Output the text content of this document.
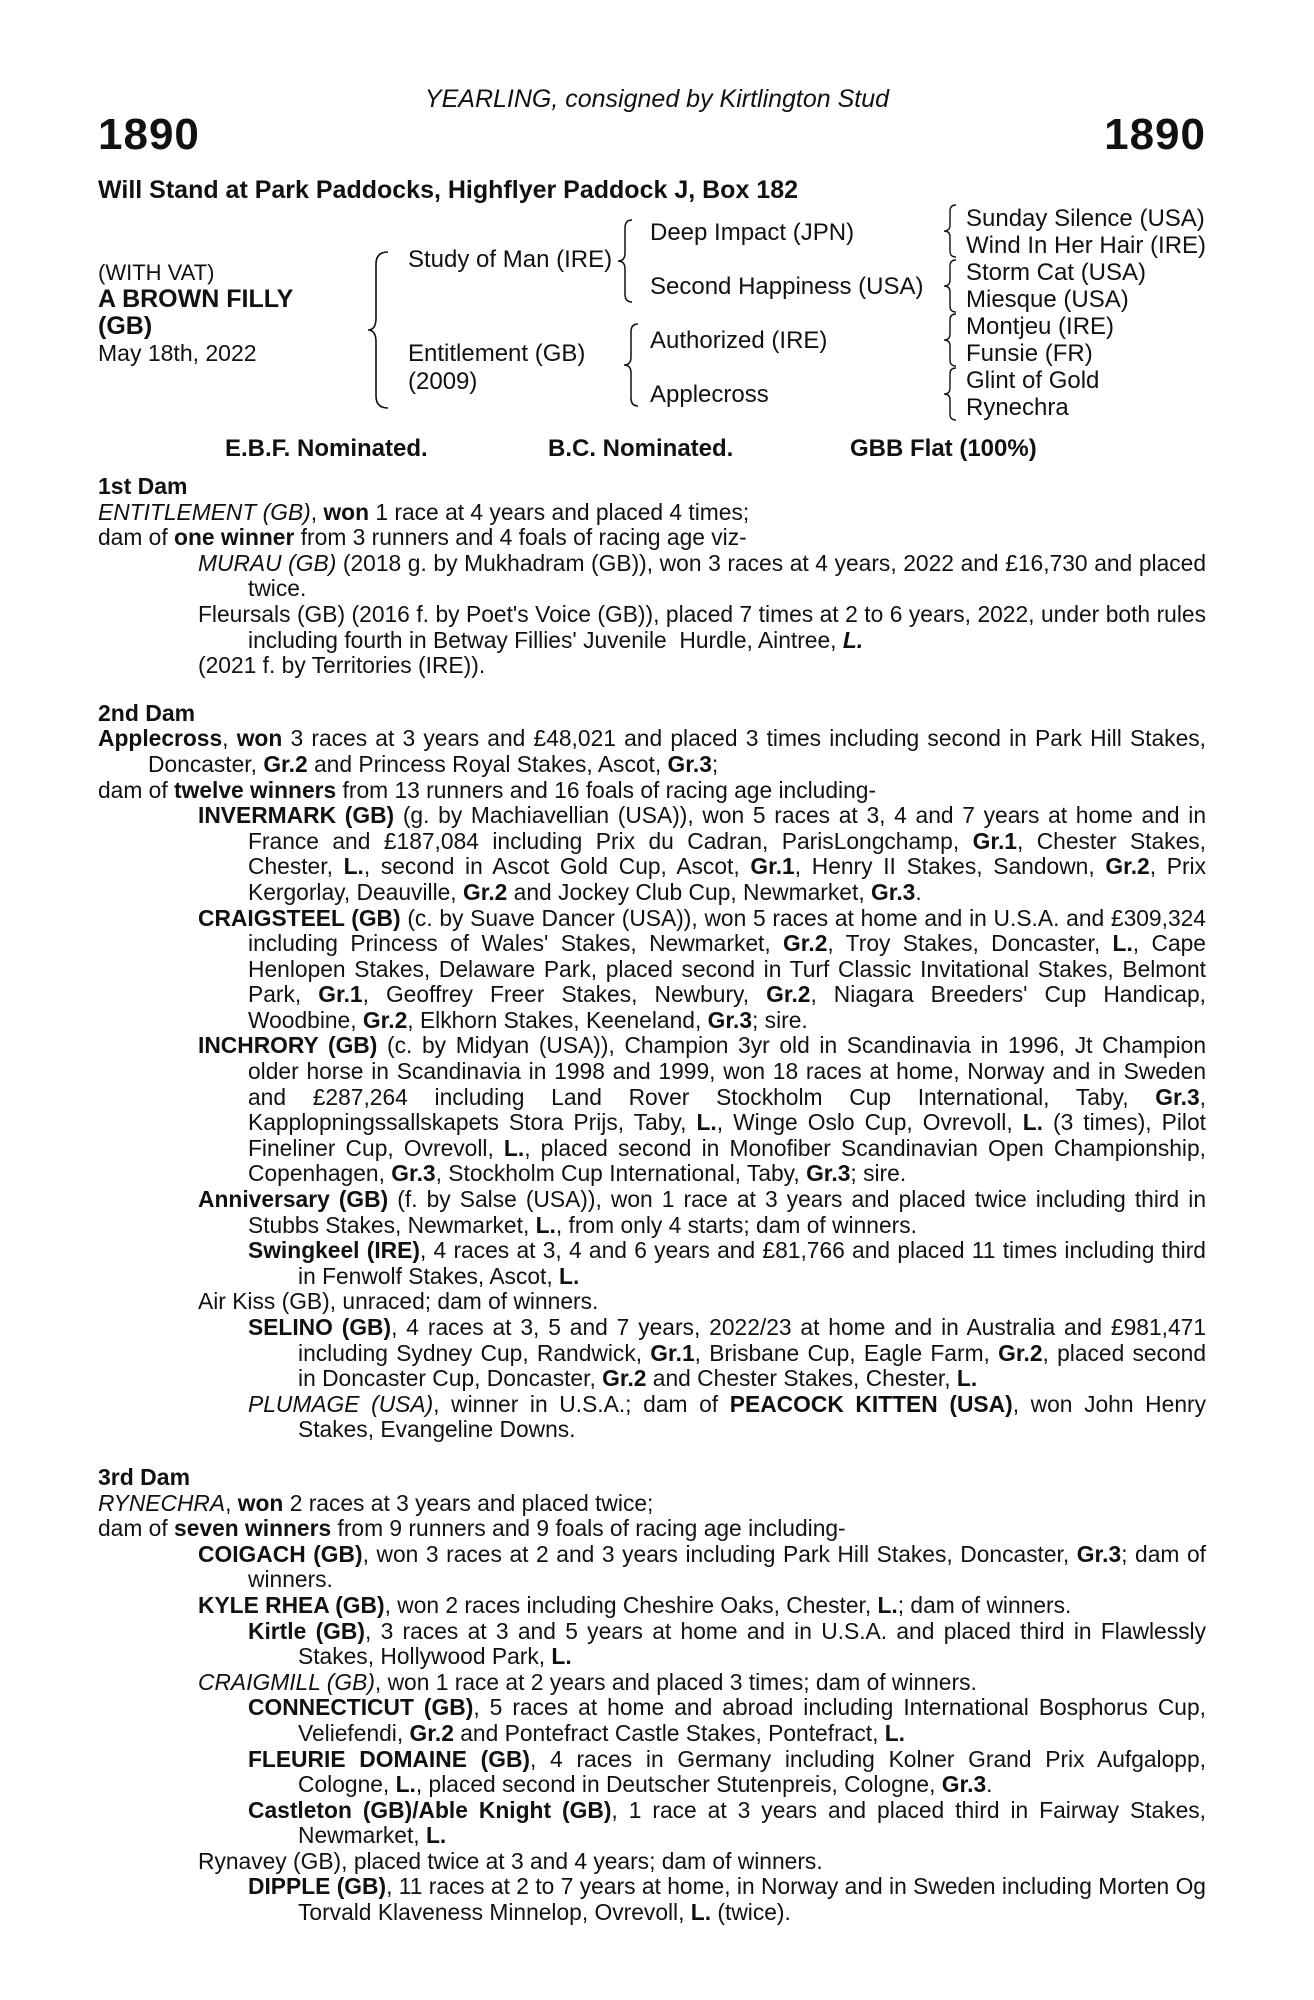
YEARLING, consigned by Kirtlington Stud
1890	1890
Will Stand at Park Paddocks, Highflyer Paddock J, Box 182
(WITH VAT)
A BROWN FILLY
(GB)
May 18th, 2022
Study of Man (IRE)
Entitlement (GB)
(2009)
Deep Impact (JPN)
Second Happiness (USA)
Authorized (IRE)
Applecross
Sunday Silence (USA)
Wind In Her Hair (IRE)
Storm Cat (USA)
Miesque (USA)
Montjeu (IRE)
Funsie (FR)
Glint of Gold
Rynechra
E.B.F. Nominated.	B.C. Nominated.	GBB Flat (100%)
1st Dam
ENTITLEMENT (GB), won 1 race at 4 years and placed 4 times;
dam of one winner from 3 runners and 4 foals of racing age viz-
MURAU (GB) (2018 g. by Mukhadram (GB)), won 3 races at 4 years, 2022 and £16,730 and placed twice.
Fleursals (GB) (2016 f. by Poet's Voice (GB)), placed 7 times at 2 to 6 years, 2022, under both rules including fourth in Betway Fillies' Juvenile  Hurdle, Aintree, L.
(2021 f. by Territories (IRE)).
2nd Dam
Applecross, won 3 races at 3 years and £48,021 and placed 3 times including second in Park Hill Stakes, Doncaster, Gr.2 and Princess Royal Stakes, Ascot, Gr.3;
dam of twelve winners from 13 runners and 16 foals of racing age including-
INVERMARK (GB) (g. by Machiavellian (USA)), won 5 races at 3, 4 and 7 years at home and in France and £187,084 including Prix du Cadran, ParisLongchamp, Gr.1, Chester Stakes, Chester, L., second in Ascot Gold Cup, Ascot, Gr.1, Henry II Stakes, Sandown, Gr.2, Prix Kergorlay, Deauville, Gr.2 and Jockey Club Cup, Newmarket, Gr.3.
CRAIGSTEEL (GB) (c. by Suave Dancer (USA)), won 5 races at home and in U.S.A. and £309,324 including Princess of Wales' Stakes, Newmarket, Gr.2, Troy Stakes, Doncaster, L., Cape Henlopen Stakes, Delaware Park, placed second in Turf Classic Invitational Stakes, Belmont Park, Gr.1, Geoffrey Freer Stakes, Newbury, Gr.2, Niagara Breeders' Cup Handicap, Woodbine, Gr.2, Elkhorn Stakes, Keeneland, Gr.3; sire.
INCHRORY (GB) (c. by Midyan (USA)), Champion 3yr old in Scandinavia in 1996, Jt Champion older horse in Scandinavia in 1998 and 1999, won 18 races at home, Norway and in Sweden and £287,264 including Land Rover Stockholm Cup International, Taby, Gr.3, Kapplopningssallskapets Stora Prijs, Taby, L., Winge Oslo Cup, Ovrevoll, L. (3 times), Pilot Fineliner Cup, Ovrevoll, L., placed second in Monofiber Scandinavian Open Championship, Copenhagen, Gr.3, Stockholm Cup International, Taby, Gr.3; sire.
Anniversary (GB) (f. by Salse (USA)), won 1 race at 3 years and placed twice including third in Stubbs Stakes, Newmarket, L., from only 4 starts; dam of winners.
Swingkeel (IRE), 4 races at 3, 4 and 6 years and £81,766 and placed 11 times including third in Fenwolf Stakes, Ascot, L.
Air Kiss (GB), unraced; dam of winners.
SELINO (GB), 4 races at 3, 5 and 7 years, 2022/23 at home and in Australia and £981,471 including Sydney Cup, Randwick, Gr.1, Brisbane Cup, Eagle Farm, Gr.2, placed second in Doncaster Cup, Doncaster, Gr.2 and Chester Stakes, Chester, L.
PLUMAGE (USA), winner in U.S.A.; dam of PEACOCK KITTEN (USA), won John Henry Stakes, Evangeline Downs.
3rd Dam
RYNECHRA, won 2 races at 3 years and placed twice;
dam of seven winners from 9 runners and 9 foals of racing age including-
COIGACH (GB), won 3 races at 2 and 3 years including Park Hill Stakes, Doncaster, Gr.3; dam of winners.
KYLE RHEA (GB), won 2 races including Cheshire Oaks, Chester, L.; dam of winners.
Kirtle (GB), 3 races at 3 and 5 years at home and in U.S.A. and placed third in Flawlessly Stakes, Hollywood Park, L.
CRAIGMILL (GB), won 1 race at 2 years and placed 3 times; dam of winners.
CONNECTICUT (GB), 5 races at home and abroad including International Bosphorus Cup, Veliefendi, Gr.2 and Pontefract Castle Stakes, Pontefract, L.
FLEURIE DOMAINE (GB), 4 races in Germany including Kolner Grand Prix Aufgalopp, Cologne, L., placed second in Deutscher Stutenpreis, Cologne, Gr.3.
Castleton (GB)/Able Knight (GB), 1 race at 3 years and placed third in Fairway Stakes, Newmarket, L.
Rynavey (GB), placed twice at 3 and 4 years; dam of winners.
DIPPLE (GB), 11 races at 2 to 7 years at home, in Norway and in Sweden including Morten Og Torvald Klaveness Minnelop, Ovrevoll, L. (twice).
